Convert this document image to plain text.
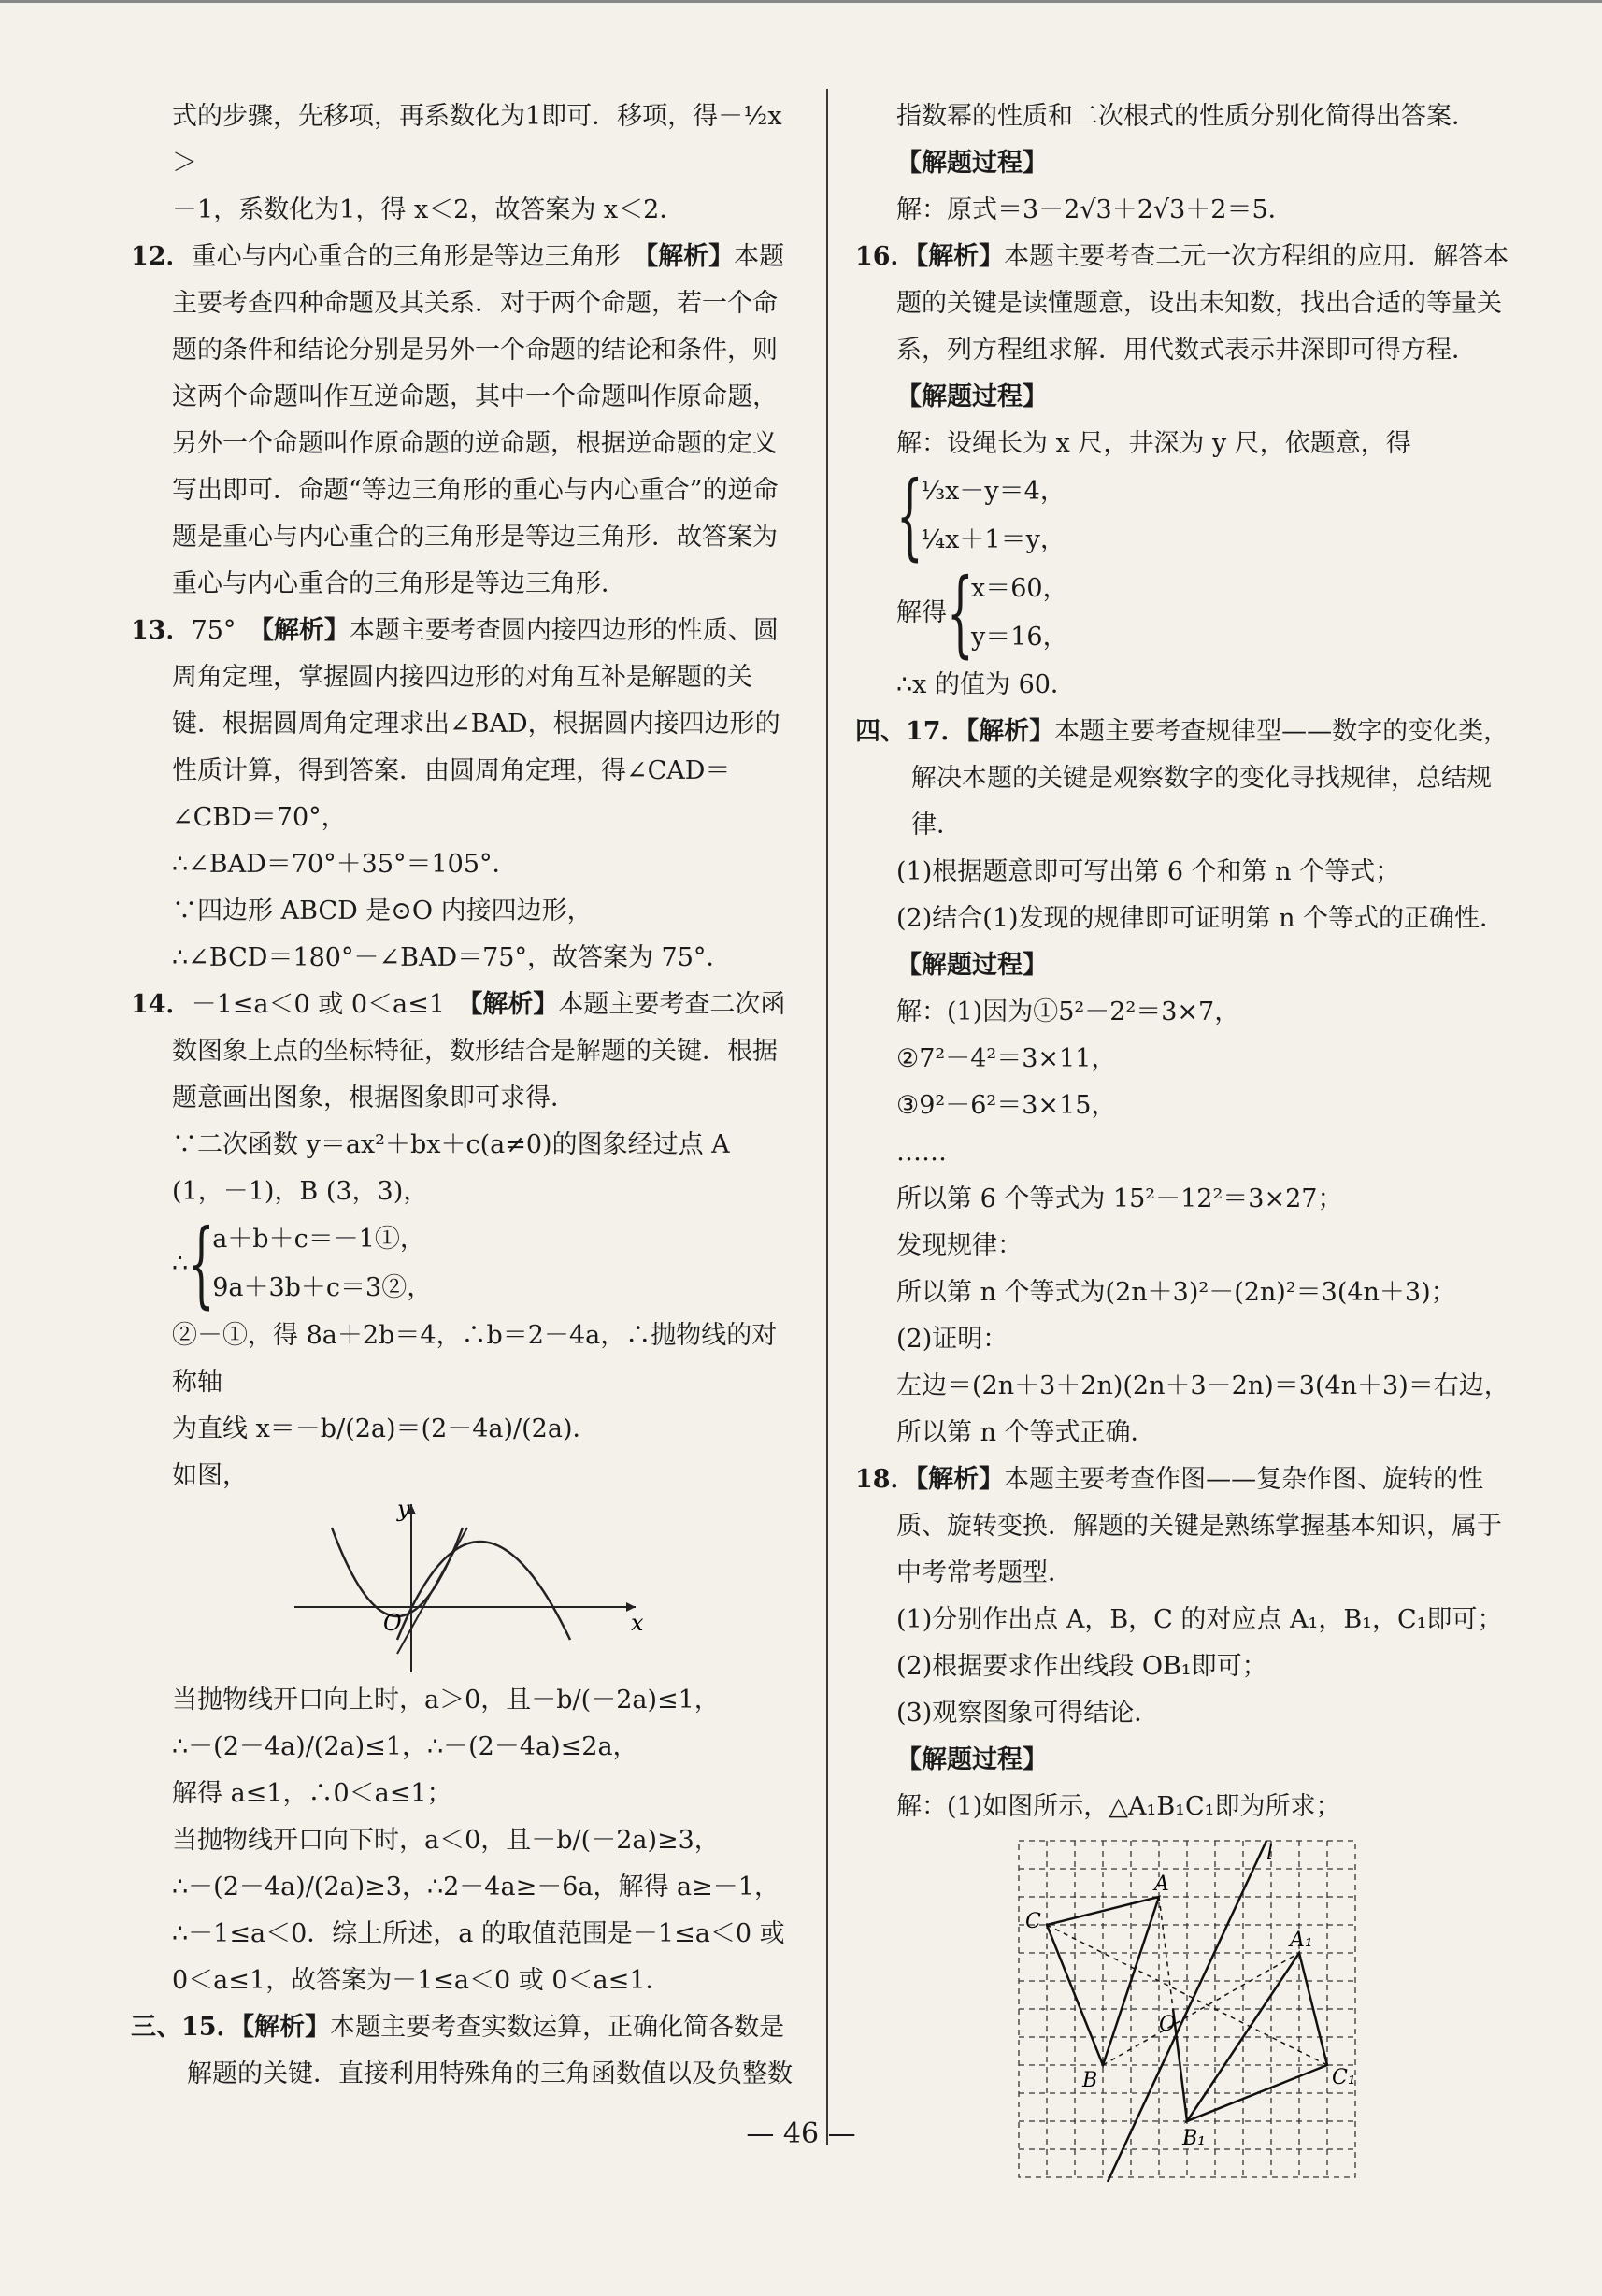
式的步骤，先移项，再系数化为1即可．移项，得－½x＞

－1，系数化为1，得 x＜2，故答案为 x＜2．

12．重心与内心重合的三角形是等边三角形　 【解析】本题主要考查四种命题及其关系．对于两个命题，若一个命题的条件和结论分别是另外一个命题的结论和条件，则这两个命题叫作互逆命题，其中一个命题叫作原命题，另外一个命题叫作原命题的逆命题，根据逆命题的定义写出即可．命题“等边三角形的重心与内心重合”的逆命题是重心与内心重合的三角形是等边三角形．故答案为重心与内心重合的三角形是等边三角形．

13．75°　 【解析】本题主要考查圆内接四边形的性质、圆周角定理，掌握圆内接四边形的对角互补是解题的关键．根据圆周角定理求出∠BAD，根据圆内接四边形的性质计算，得到答案．由圆周角定理，得∠CAD＝∠CBD＝70°，

∴∠BAD＝70°＋35°＝105°．

∵四边形 ABCD 是⊙O 内接四边形，

∴∠BCD＝180°－∠BAD＝75°，故答案为 75°．

14．－1≤a＜0 或 0＜a≤1　 【解析】本题主要考查二次函数图象上点的坐标特征，数形结合是解题的关键．根据题意画出图象，根据图象即可求得．

∵二次函数 y＝ax²＋bx＋c(a≠0)的图象经过点 A

(1，－1)，B (3，3)，

∴ {

a＋b＋c＝－1①，

9a＋3b＋c＝3②，

②－①，得 8a＋2b＝4，∴b＝2－4a，∴抛物线的对称轴

为直线 x＝－b/(2a)＝(2－4a)/(2a)．

如图，

y
x
O

当抛物线开口向上时，a＞0，且－b/(－2a)≤1，

∴－(2－4a)/(2a)≤1，∴－(2－4a)≤2a，

解得 a≤1，∴0＜a≤1；

当抛物线开口向下时，a＜0，且－b/(－2a)≥3，

∴－(2－4a)/(2a)≥3，∴2－4a≥－6a，解得 a≥－1，

∴－1≤a＜0．综上所述，a 的取值范围是－1≤a＜0 或

0＜a≤1，故答案为－1≤a＜0 或 0＜a≤1．

三、15．【解析】本题主要考查实数运算，正确化简各数是解题的关键．直接利用特殊角的三角函数值以及负整数

指数幂的性质和二次根式的性质分别化简得出答案．

【解题过程】

解：原式＝3－2√3＋2√3＋2＝5．

16．【解析】本题主要考查二元一次方程组的应用．解答本题的关键是读懂题意，设出未知数，找出合适的等量关系，列方程组求解．用代数式表示井深即可得方程．

【解题过程】

解：设绳长为 x 尺，井深为 y 尺，依题意，得

{

⅓x－y＝4，

¼x＋1＝y，

解得 {

x＝60，

y＝16，

∴x 的值为 60．

四、17．【解析】本题主要考查规律型——数字的变化类，解决本题的关键是观察数字的变化寻找规律，总结规律．

(1)根据题意即可写出第 6 个和第 n 个等式；

(2)结合(1)发现的规律即可证明第 n 个等式的正确性．

【解题过程】

解：(1)因为①5²－2²＝3×7，

②7²－4²＝3×11，

③9²－6²＝3×15，

……

所以第 6 个等式为 15²－12²＝3×27；

发现规律：

所以第 n 个等式为(2n＋3)²－(2n)²＝3(4n＋3)；

(2)证明：

左边＝(2n＋3＋2n)(2n＋3－2n)＝3(4n＋3)＝右边，

所以第 n 个等式正确．

18．【解析】本题主要考查作图——复杂作图、旋转的性质、旋转变换．解题的关键是熟练掌握基本知识，属于中考常考题型．

(1)分别作出点 A，B，C 的对应点 A₁，B₁，C₁即可；

(2)根据要求作出线段 OB₁即可；

(3)观察图象可得结论．

【解题过程】

解：(1)如图所示，△A₁B₁C₁即为所求；

l
A
C
A₁
O
B	C₁
B₁
— 46 —
